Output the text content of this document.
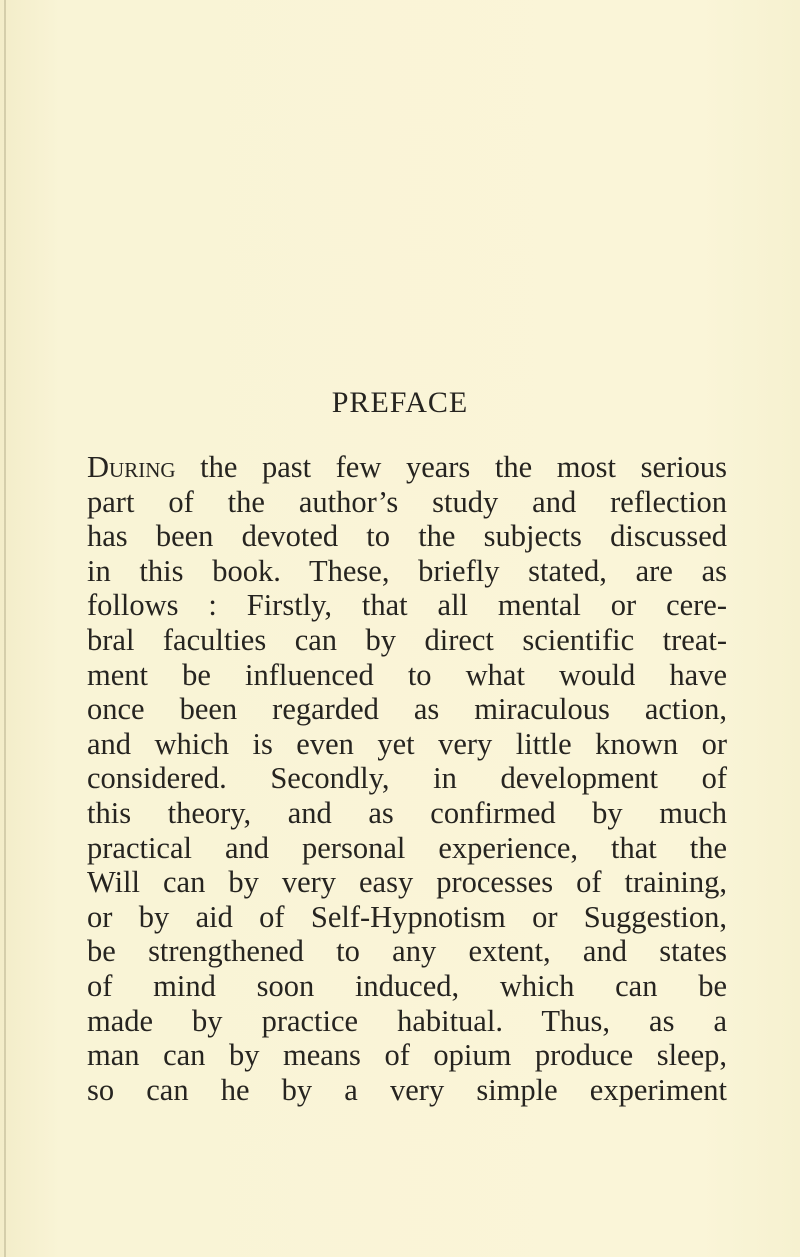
PREFACE
During the past few years the most serious
part of the author’s study and reflection
has been devoted to the subjects discussed
in this book. These, briefly stated, are as
follows : Firstly, that all mental or cere-
bral faculties can by direct scientific treat-
ment be influenced to what would have
once been regarded as miraculous action,
and which is even yet very little known or
considered. Secondly, in development of
this theory, and as confirmed by much
practical and personal experience, that the
Will can by very easy processes of training,
or by aid of Self-Hypnotism or Suggestion,
be strengthened to any extent, and states
of mind soon induced, which can be
made by practice habitual. Thus, as a
man can by means of opium produce sleep,
so can he by a very simple experiment
